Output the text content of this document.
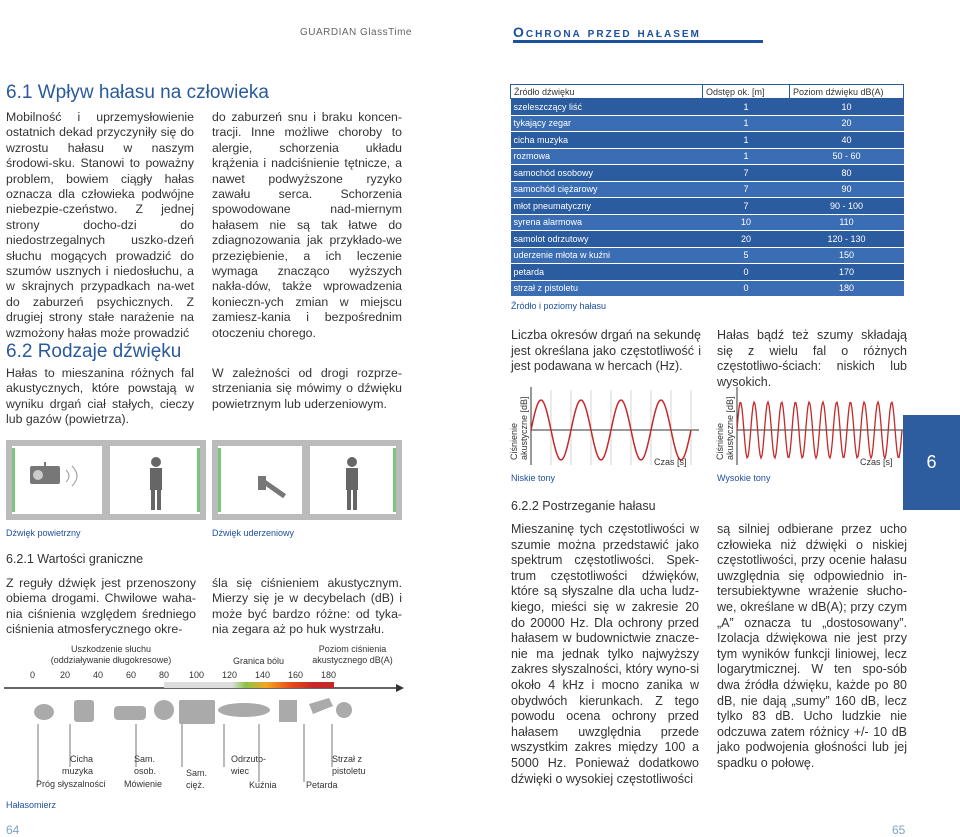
GUARDIAN GlassTime	Ochrona przed hałasem
6.1 Wpływ hałasu na człowieka
Mobilność i uprzemysłowienie ostatnich dekad przyczyniły się do wzrostu hałasu w naszym środowi-sku. Stanowi to poważny problem, bowiem ciągły hałas oznacza dla człowieka podwójne niebezpie-czeństwo. Z jednej strony docho-dzi do niedostrzegalnych uszko-dzeń słuchu mogących prowadzić do szumów usznych i niedosłuchu, a w skrajnych przypadkach na-wet do zaburzeń psychicznych. Z drugiej strony stałe narażenie na wzmożony hałas może prowadzić
do zaburzeń snu i braku koncen-tracji. Inne możliwe choroby to alergie, schorzenia układu krążenia i nadciśnienie tętnicze, a nawet podwyższone ryzyko zawału serca. Schorzenia spowodowane nad-miernym hałasem nie są tak łatwe do zdiagnozowania jak przykłado-we przeziębienie, a ich leczenie wymaga znacząco wyższych nakła-dów, także wprowadzenia konieczn-ych zmian w miejscu zamiesz-kania i bezpośrednim otoczeniu chorego.
6.2 Rodzaje dźwięku
Hałas to mieszanina różnych fal akustycznych, które powstają w wyniku drgań ciał stałych, cieczy lub gazów (powietrza).
W zależności od drogi rozprze-strzeniania się mówimy o dźwięku powietrznym lub uderzeniowym.
Dźwięk powietrzny	Dźwięk uderzeniowy
6.2.1 Wartości graniczne
Z reguły dźwięk jest przenoszony obiema drogami. Chwilowe waha-nia ciśnienia względem średniego ciśnienia atmosferycznego okre-
śla się ciśnieniem akustycznym. Mierzy się je w decybelach (dB) i może być bardzo różne: od tyka-nia zegara aż po huk wystrzału.
Uszkodzenie słuchu
(oddziaływanie długokresowe)	Granica bólu
Poziom ciśnienia
akustycznego dB(A)
0	20	40	60	80 100 120 140 160 180
Próg słyszalności
Cicha
muzyka
Sam.
osob.
Mówienie
Sam.
cięż.
Odrzuto-
wiec
Kuźnia
Strzał z
pistoletu
Petarda
Hałasomierz
64
Źródło dźwięku	Odstęp ok. [m]	Poziom dźwięku dB(A)
szeleszczący liść	1	10
tykający zegar	1	20
cicha muzyka	1	40
rozmowa	1	50 - 60
samochód osobowy	7	80
samochód ciężarowy	7	90
młot pneumatyczny	7	90 - 100
syrena alarmowa	10	110
samolot odrzutowy	20	120 - 130
uderzenie młota w kuźni	5	150
petarda	0	170
strzał z pistoletu	0	180
Źródło i poziomy hałasu
Liczba okresów drgań na sekundę jest określana jako częstotliwość i jest podawana w hercach (Hz).
Hałas bądź też szumy składają się z wielu fal o różnych częstotliwo-ściach: niskich lub wysokich.
Ciśnienie
akustyczne [dB]
Czas [s]
Niskie tony
Ciśnienie
akustyczne [dB]
Czas [s]
Wysokie tony
6.2.2 Postrzeganie hałasu
Mieszaninę tych częstotliwości w szumie można przedstawić jako spektrum częstotliwości. Spek-trum częstotliwości dźwięków, które są słyszalne dla ucha ludz-kiego, mieści się w zakresie 20 do 20000 Hz. Dla ochrony przed hałasem w budownictwie znacze-nie ma jednak tylko najwyższy zakres słyszalności, który wyno-si około 4 kHz i mocno zanika w obydwóch kierunkach. Z tego powodu ocena ochrony przed hałasem uwzględnia przede wszystkim zakres między 100 a 5000 Hz. Ponieważ dodatkowo dźwięki o wysokiej częstotliwości
są silniej odbierane przez ucho człowieka niż dźwięki o niskiej częstotliwości, przy ocenie hałasu uwzględnia się odpowiednio in-tersubiektywne wrażenie słucho-we, określane w dB(A); przy czym „A” oznacza tu „dostosowany”. Izolacja dźwiękowa nie jest przy tym wyników funkcji liniowej, lecz logarytmicznej. W ten spo-sób dwa źródła dźwięku, każde po 80 dB, nie dają „sumy” 160 dB, lecz tylko 83 dB. Ucho ludzkie nie odczuwa zatem różnicy +/- 10 dB jako podwojenia głośności lub jej spadku o połowę.
6
65
